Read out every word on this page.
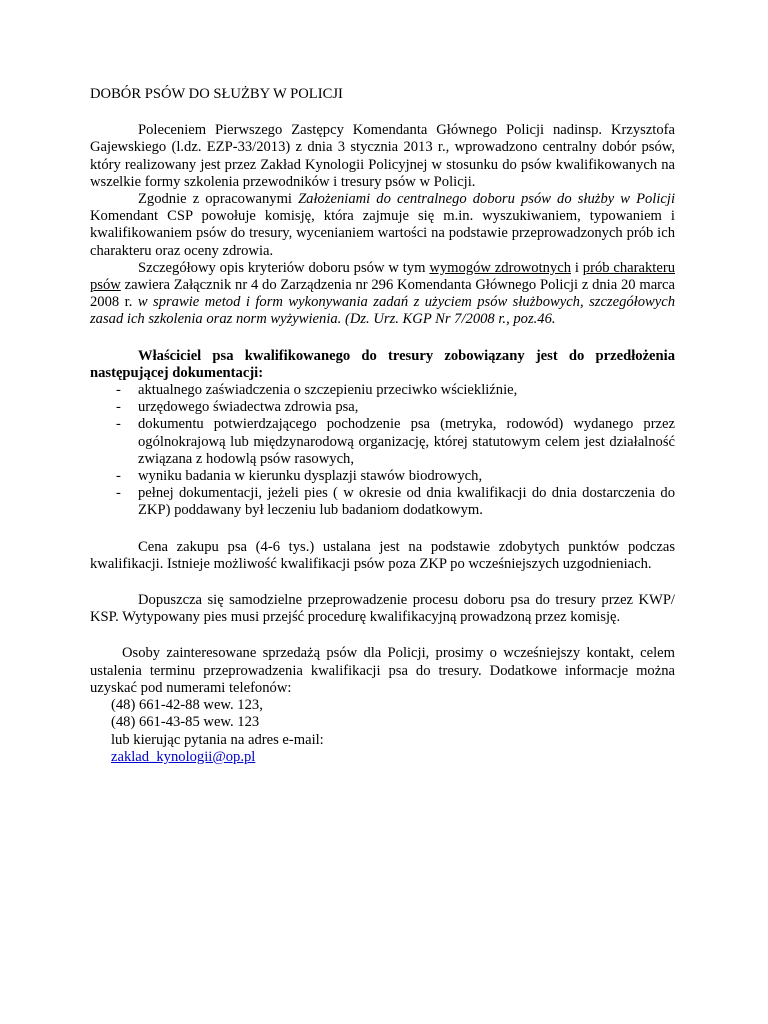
DOBÓR PSÓW DO SŁUŻBY W POLICJI

Poleceniem Pierwszego Zastępcy Komendanta Głównego Policji nadinsp. Krzysztofa Gajewskiego (l.dz. EZP-33/2013) z dnia 3 stycznia 2013 r., wprowadzono centralny dobór psów, który realizowany jest przez Zakład Kynologii Policyjnej w stosunku do psów kwalifikowanych na wszelkie formy szkolenia przewodników i tresury psów w Policji.

Zgodnie z opracowanymi Założeniami do centralnego doboru psów do służby w Policji Komendant CSP powołuje komisję, która zajmuje się m.in. wyszukiwaniem, typowaniem i kwalifikowaniem psów do tresury, wycenianiem wartości na podstawie przeprowadzonych prób ich charakteru oraz oceny zdrowia.

Szczegółowy opis kryteriów doboru psów w tym wymogów zdrowotnych i prób charakteru psów zawiera Załącznik nr 4 do Zarządzenia nr 296 Komendanta Głównego Policji z dnia 20 marca 2008 r. w sprawie metod i form wykonywania zadań z użyciem psów służbowych, szczegółowych zasad ich szkolenia oraz norm wyżywienia. (Dz. Urz. KGP Nr 7/2008 r., poz.46.

Właściciel psa kwalifikowanego do tresury zobowiązany jest do przedłożenia następującej dokumentacji:

- aktualnego zaświadczenia o szczepieniu przeciwko wściekliźnie,
- urzędowego świadectwa zdrowia psa,
- dokumentu potwierdzającego pochodzenie psa (metryka, rodowód) wydanego przez ogólnokrajową lub międzynarodową organizację, której statutowym celem jest działalność związana z hodowlą psów rasowych,
- wyniku badania w kierunku dysplazji stawów biodrowych,
- pełnej dokumentacji, jeżeli pies ( w okresie od dnia kwalifikacji do dnia dostarczenia do ZKP) poddawany był leczeniu lub badaniom dodatkowym.

Cena zakupu psa (4-6 tys.) ustalana jest na podstawie zdobytych punktów podczas kwalifikacji. Istnieje możliwość kwalifikacji psów poza ZKP po wcześniejszych uzgodnieniach.

Dopuszcza się samodzielne przeprowadzenie procesu doboru psa do tresury przez KWP/ KSP. Wytypowany pies musi przejść procedurę kwalifikacyjną prowadzoną przez komisję.

Osoby zainteresowane sprzedażą psów dla Policji, prosimy o wcześniejszy kontakt, celem ustalenia terminu przeprowadzenia kwalifikacji psa do tresury. Dodatkowe informacje można uzyskać pod numerami telefonów:

(48) 661-42-88 wew. 123,
(48) 661-43-85 wew. 123
lub kierując pytania na adres e-mail:
zaklad_kynologii@op.pl
